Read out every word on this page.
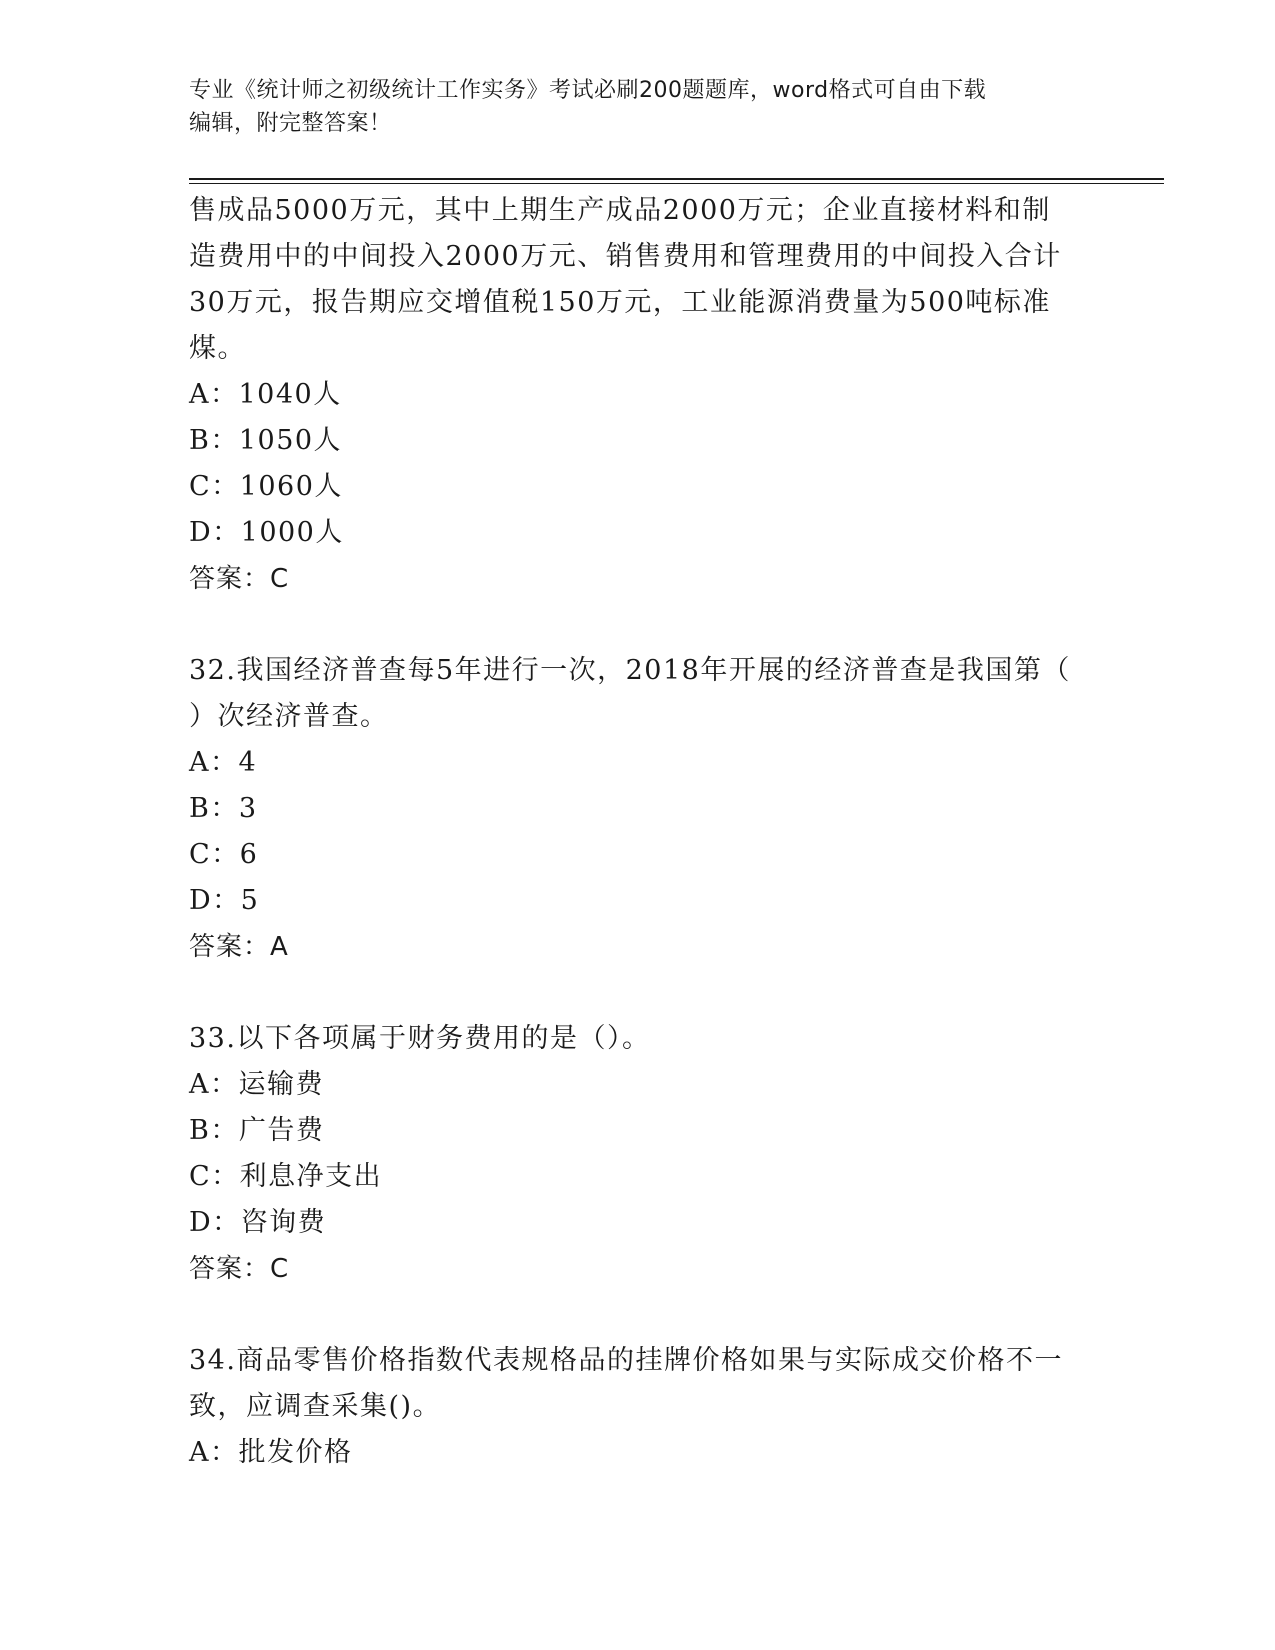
专业《统计师之初级统计工作实务》考试必刷200题题库，word格式可自由下载
编辑，附完整答案！
售成品5000万元，其中上期生产成品2000万元；企业直接材料和制
造费用中的中间投入2000万元、销售费用和管理费用的中间投入合计
30万元，报告期应交增值税150万元，工业能源消费量为500吨标准
煤。
A：1040人
B：1050人
C：1060人
D：1000人
答案：C
32.我国经济普查每5年进行一次，2018年开展的经济普查是我国第（
）次经济普查。
A：4
B：3
C：6
D：5
答案：A
33.以下各项属于财务费用的是（）。
A：运输费
B：广告费
C：利息净支出
D：咨询费
答案：C
34.商品零售价格指数代表规格品的挂牌价格如果与实际成交价格不一
致，应调查采集()。
A：批发价格
